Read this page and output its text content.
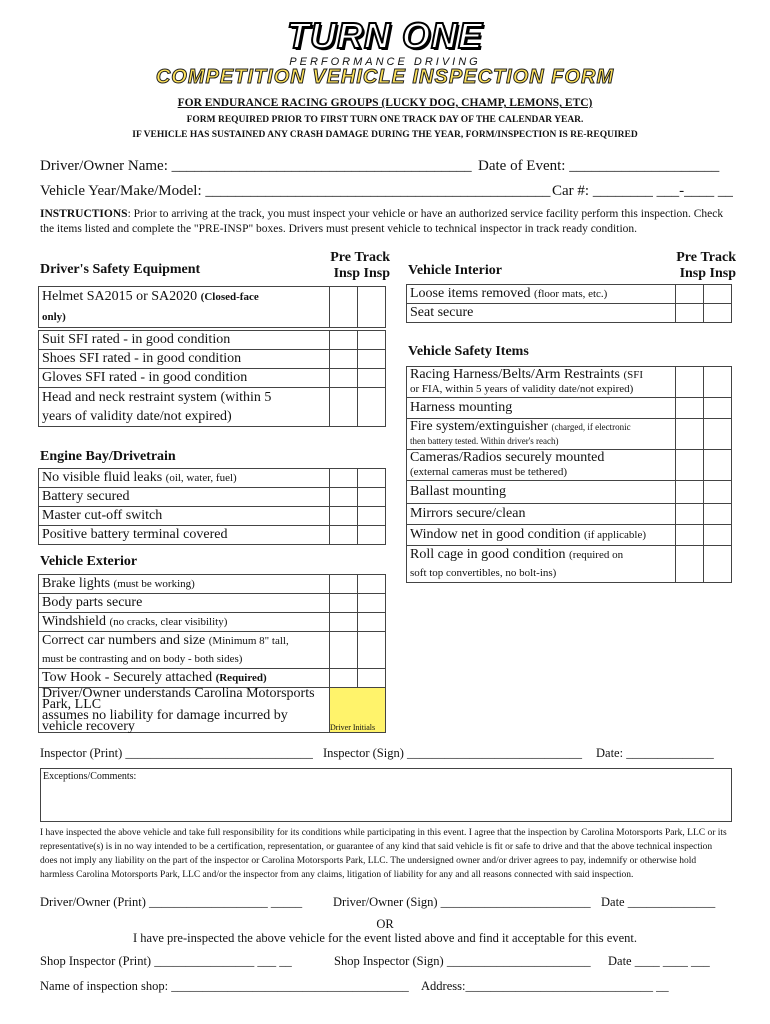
TURN ONE
PERFORMANCE DRIVING
COMPETITION VEHICLE INSPECTION FORM
FOR ENDURANCE RACING GROUPS (LUCKY DOG, CHAMP, LEMONS, ETC)
FORM REQUIRED PRIOR TO FIRST TURN ONE TRACK DAY OF THE CALENDAR YEAR.
IF VEHICLE HAS SUSTAINED ANY CRASH DAMAGE DURING THE YEAR, FORM/INSPECTION IS RE-REQUIRED
Driver/Owner Name: ________________________________________ Date of Event: ____________________
Vehicle Year/Make/Model: ______________________________________________ Car #: ________ ___-____ __
INSTRUCTIONS: Prior to arriving at the track, you must inspect your vehicle or have an authorized service facility perform this inspection. Check the items listed and complete the "PRE-INSP" boxes. Drivers must present vehicle to technical inspector in track ready condition.
Driver's Safety Equipment
Pre Track
Insp Insp
Helmet SA2015 or SA2020 (Closed-face
only)		
Suit SFI rated - in good condition		
Shoes SFI rated - in good condition		
Gloves SFI rated - in good condition		
Head and neck restraint system (within 5
years of validity date/not expired)		
Engine Bay/Drivetrain
No visible fluid leaks (oil, water, fuel)		
Battery secured		
Master cut-off switch		
Positive battery terminal covered		
Vehicle Exterior
Brake lights (must be working)		
Body parts secure		
Windshield (no cracks, clear visibility)		
Correct car numbers and size (Minimum 8" tall,
must be contrasting and on body - both sides)		
Tow Hook - Securely attached (Required)		
Driver/Owner understands Carolina Motorsports Park, LLC
assumes no liability for damage incurred by vehicle recovery			Driver Initials
Vehicle Interior
Pre Track
Insp Insp
Loose items removed (floor mats, etc.)		
Seat secure		
Vehicle Safety Items
Racing Harness/Belts/Arm Restraints (SFI
or FIA, within 5 years of validity date/not expired)		
Harness mounting		
Fire system/extinguisher (charged, if electronic
then battery tested. Within driver's reach)		
Cameras/Radios securely mounted
(external cameras must be tethered)		
Ballast mounting		
Mirrors secure/clean		
Window net in good condition (if applicable)		
Roll cage in good condition (required on
soft top convertibles, no bolt-ins)		
Inspector (Print) ______________________________ Inspector (Sign) ____________________________ Date: ______________
Exceptions/Comments:
I have inspected the above vehicle and take full responsibility for its conditions while participating in this event. I agree that the inspection by Carolina Motorsports Park, LLC or its representative(s) is in no way intended to be a certification, representation, or guarantee of any kind that said vehicle is fit or safe to drive and that the above technical inspection does not imply any liability on the part of the inspector or Carolina Motorsports Park, LLC. The undersigned owner and/or driver agrees to pay, indemnify or otherwise hold harmless Carolina Motorsports Park, LLC and/or the inspector from any claims, litigation of liability for any and all reasons connected with said inspection.
Driver/Owner (Print) ___________________ _____ Driver/Owner (Sign) ________________________ Date ______________
OR
I have pre-inspected the above vehicle for the event listed above and find it acceptable for this event.
Shop Inspector (Print) ________________ ___ __	Shop Inspector (Sign) _______________________ Date ____ ____ ___
Name of inspection shop: ______________________________________ Address:______________________________ __
